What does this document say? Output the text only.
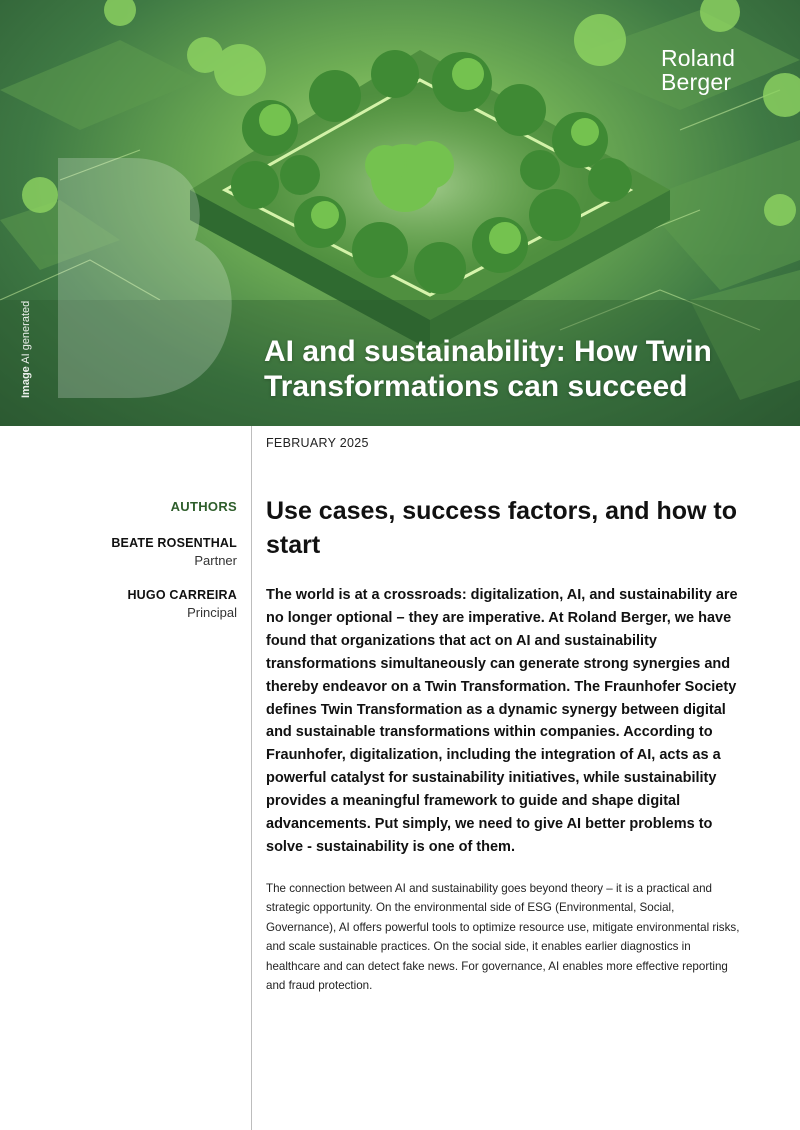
Roland
Berger
AI and sustainability: How Twin Transformations can succeed
Image AI generated
FEBRUARY 2025
AUTHORS
BEATE ROSENTHAL
Partner
HUGO CARREIRA
Principal
Use cases, success factors, and how to start

The world is at a crossroads: digitalization, AI, and sustainability are no longer optional – they are imperative. At Roland Berger, we have found that organizations that act on AI and sustainability transformations simultaneously can generate strong synergies and thereby endeavor on a Twin Transformation. The Fraunhofer Society defines Twin Transformation as a dynamic synergy between digital and sustainable transformations within companies. According to Fraunhofer, digitalization, including the integration of AI, acts as a powerful catalyst for sustainability initiatives, while sustainability provides a meaningful framework to guide and shape digital advancements. Put simply, we need to give AI better problems to solve - sustainability is one of them.

The connection between AI and sustainability goes beyond theory – it is a practical and strategic opportunity. On the environmental side of ESG (Environmental, Social, Governance), AI offers powerful tools to optimize resource use, mitigate environmental risks, and scale sustainable practices. On the social side, it enables earlier diagnostics in healthcare and can detect fake news. For governance, AI enables more effective reporting and fraud protection.
